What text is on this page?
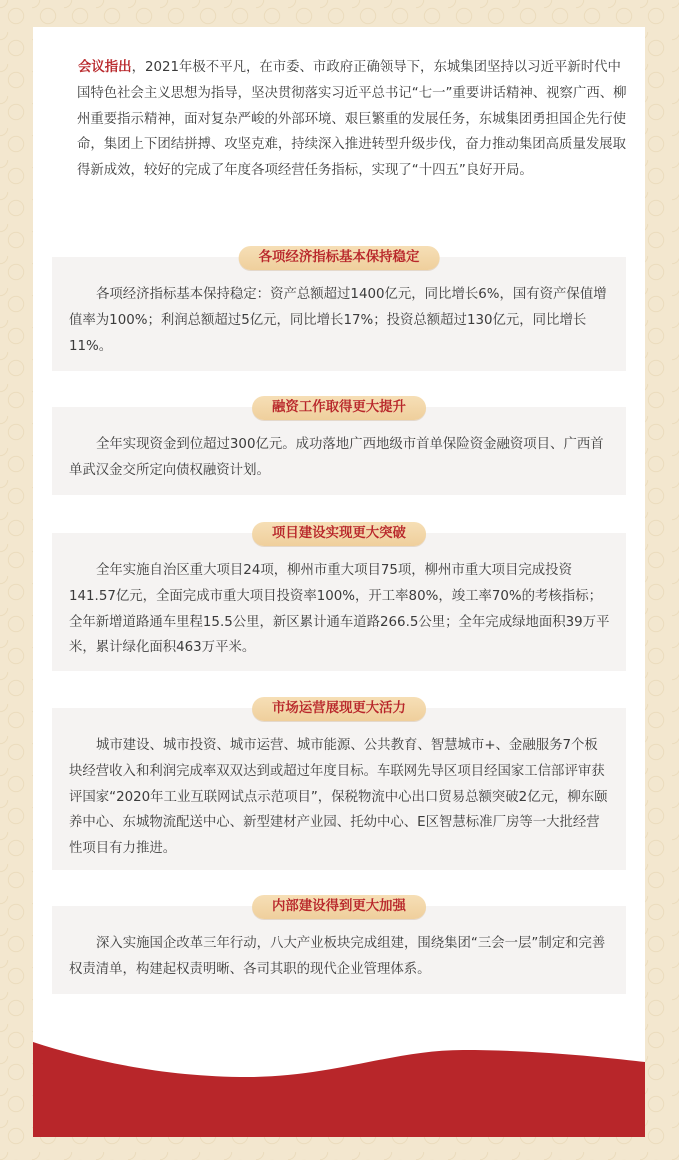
会议指出，2021年极不平凡，在市委、市政府正确领导下，东城集团坚持以习近平新时代中国特色社会主义思想为指导，坚决贯彻落实习近平总书记“七一”重要讲话精神、视察广西、柳州重要指示精神，面对复杂严峻的外部环境、艰巨繁重的发展任务，东城集团勇担国企先行使命，集团上下团结拼搏、攻坚克难，持续深入推进转型升级步伐，奋力推动集团高质量发展取得新成效，较好的完成了年度各项经营任务指标，实现了“十四五”良好开局。

各项经济指标基本保持稳定

各项经济指标基本保持稳定：资产总额超过1400亿元，同比增长6%，国有资产保值增值率为100%；利润总额超过5亿元，同比增长17%；投资总额超过130亿元，同比增长11%。

融资工作取得更大提升

全年实现资金到位超过300亿元。成功落地广西地级市首单保险资金融资项目、广西首单武汉金交所定向债权融资计划。

项目建设实现更大突破

全年实施自治区重大项目24项，柳州市重大项目75项，柳州市重大项目完成投资141.57亿元，全面完成市重大项目投资率100%，开工率80%，竣工率70%的考核指标；全年新增道路通车里程15.5公里，新区累计通车道路266.5公里；全年完成绿地面积39万平米，累计绿化面积463万平米。

市场运营展现更大活力

城市建设、城市投资、城市运营、城市能源、公共教育、智慧城市+、金融服务7个板块经营收入和利润完成率双双达到或超过年度目标。车联网先导区项目经国家工信部评审获评国家“2020年工业互联网试点示范项目”，保税物流中心出口贸易总额突破2亿元，柳东颐养中心、东城物流配送中心、新型建材产业园、托幼中心、E区智慧标准厂房等一大批经营性项目有力推进。

内部建设得到更大加强

深入实施国企改革三年行动，八大产业板块完成组建，围绕集团“三会一层”制定和完善权责清单，构建起权责明晰、各司其职的现代企业管理体系。
